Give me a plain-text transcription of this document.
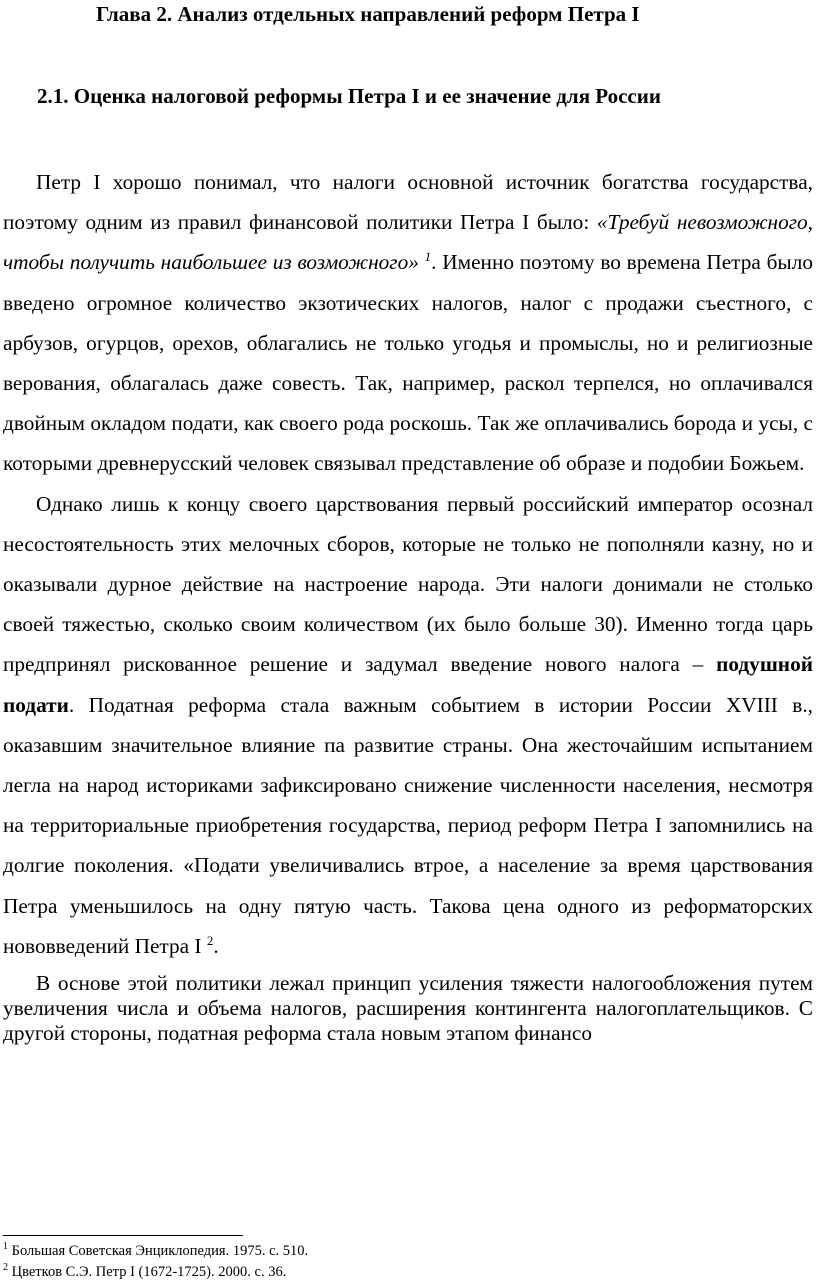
Глава 2. Анализ отдельных направлений реформ Петра I
2.1. Оценка налоговой реформы Петра I и ее значение для России

Петр I хорошо понимал, что налоги основной источник богатства государства, поэтому одним из правил финансовой политики Петра I было: «Требуй невозможного, чтобы получить наибольшее из возможного» $^1$. Именно поэтому во времена Петра было введено огромное количество экзотических налогов, налог с продажи съестного, с арбузов, огурцов, орехов, облагались не только угодья и промыслы, но и религиозные верования, облагалась даже совесть. Так, например, раскол терпелся, но оплачивался двойным окладом подати, как своего рода роскошь. Так же оплачивались борода и усы, с которыми древнерусский человек связывал представление об образе и подобии Божьем.

Однако лишь к концу своего царствования первый российский император осознал несостоятельность этих мелочных сборов, которые не только не пополняли казну, но и оказывали дурное действие на настроение народа. Эти налоги донимали не столько своей тяжестью, сколько своим количеством (их было больше 30). Именно тогда царь предпринял рискованное решение и задумал введение нового налога – подушной подати. Податная реформа стала важным событием в истории России XVIII в., оказавшим значительное влияние па развитие страны. Она жесточайшим испытанием легла на народ историками зафиксировано снижение численности населения, несмотря на территориальные приобретения государства, период реформ Петра I запомнились на долгие поколения. «Подати увеличивались втрое, а население за время царствования Петра уменьшилось на одну пятую часть. Такова цена одного из реформаторских нововведений Петра I $^2$.

В основе этой политики лежал принцип усиления тяжести налогообложения путем увеличения числа и объема налогов, расширения контингента налогоплательщиков. С другой стороны, податная реформа стала новым этапом финансо

$^1$ Большая Советская Энциклопедия. 1975. с. 510.
$^2$ Цветков С.Э. Петр I (1672-1725). 2000. с. 36.
